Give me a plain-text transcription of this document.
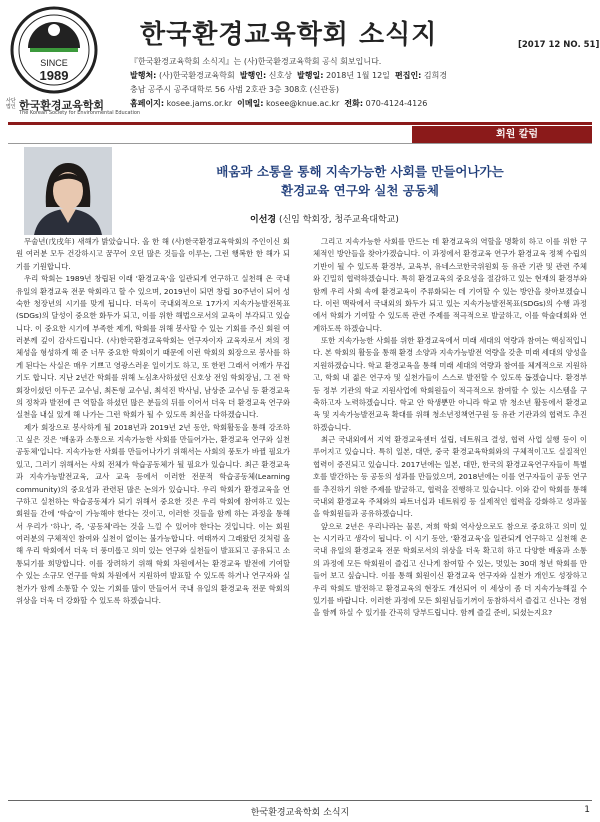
SINCE
1989
사단법인 한국환경교육학회
The Korean Society for Environmental Education
한국환경교육학회 소식지	[2017 12 NO. 51]
『한국환경교육학회 소식지』는 (사)한국환경교육학회 공식 회보입니다.
발행처: (사)한국환경교육학회 발행인: 신호상 발행일: 2018년 1월 12일 편집인: 김희경
충남 공주시 공주대학로 56 사범 2호관 3층 308호 (신관동)
홈페이지: kosee.jams.or.kr 이메일: kosee@knue.ac.kr 전화: 070-4124-4126
회원 칼럼
배움과 소통을 통해 지속가능한 사회를 만들어나가는
환경교육 연구와 실천 공동체
이선경 (신임 학회장, 청주교육대학교)

무술년(戊戌年) 새해가 밝았습니다. 올 한 해 (사)한국환경교육학회의 주인이신 회원 여러분 모두 건강하시고 꿈꾸어 오던 많은 것들을 이루는, 그런 행복한 한 해가 되기를 기원합니다.

우리 학회는 1989년 창립된 이래 '환경교육'을 일관되게 연구하고 실천해 온 국내 유일의 환경교육 전문 학회라고 할 수 있으며, 2019년이 되면 창립 30주년이 되어 성숙한 청장년의 시기를 맞게 됩니다. 더욱이 국내외적으로 17가지 지속가능발전목표(SDGs)의 달성이 중요한 화두가 되고, 이를 위한 해법으로서의 교육이 부각되고 있습니다. 이 중요한 시기에 부족한 제게, 학회를 위해 봉사할 수 있는 기회를 주신 회원 여러분께 깊이 감사드립니다. (사)한국환경교육학회는 연구자이자 교육자로서 저의 정체성을 형성하게 해 준 너무 중요한 학회이기 때문에 이런 학회의 회장으로 봉사를 하게 된다는 사실은 매우 기쁘고 영광스러운 일이기도 하고, 또 한편 그래서 어깨가 무겁기도 합니다. 지난 2년간 학회를 위해 노심초사하셨던 신호상 전임 학회장님, 그 전 학회장이셨던 이두곤 교수님, 최돈형 교수님, 최석진 박사님, 남상준 교수님 등 환경교육의 정착과 발전에 큰 역할을 하셨던 많은 분들의 뒤를 이어서 더욱 더 환경교육 연구와 실천을 내실 있게 해 나가는 그런 학회가 될 수 있도록 최선을 다하겠습니다.

제가 회장으로 봉사하게 될 2018년과 2019년 2년 동안, 학회활동을 통해 강조하고 싶은 것은 '배움과 소통으로 지속가능한 사회를 만들어가는, 환경교육 연구와 실천 공동체'입니다. 지속가능한 사회를 만들어나가기 위해서는 사회의 풍토가 바뀔 필요가 있고, 그러기 위해서는 사회 전체가 학습공동체가 될 필요가 있습니다. 최근 환경교육과 지속가능발전교육, 교사 교육 등에서 이러한 전문적 학습공동체(Learning community)의 중요성과 관련된 많은 논의가 있습니다. 우리 학회가 환경교육을 연구하고 실천하는 학습공동체가 되기 위해서 중요한 것은 우리 학회에 참여하고 있는 회원들 간에 '학습'이 가능해야 한다는 것이고, 이러한 것들을 함께 하는 과정을 통해서 우리가 '하나', 즉, '공동체'라는 것을 느낄 수 있어야 한다는 것입니다. 이는 회원 여러분의 구체적인 참여와 실천이 없이는 불가능합니다. 여태까지 그래왔던 것처럼 올해 우리 학회에서 더욱 더 풍미롭고 의미 있는 연구와 실천들이 발표되고 공유되고 소통되기를 희망합니다. 이를 장려하기 위해 학회 차원에서는 환경교육 발전에 기여할 수 있는 소규모 연구를 학회 차원에서 지원하여 발표할 수 있도록 하거나 연구자와 실천가가 함께 소통할 수 있는 기회를 많이 만들어서 국내 유일의 환경교육 전문 학회의 위상을 더욱 더 강화할 수 있도록 하겠습니다.

그리고 지속가능한 사회를 만드는 데 환경교육의 역할을 명확히 하고 이를 위한 구체적인 방안들을 찾아가겠습니다. 이 과정에서 환경교육 연구가 환경교육 정책 수립의 기반이 될 수 있도록 환경부, 교육부, 유네스코한국위원회 등 유관 기관 및 관련 주체와 긴밀히 협력하겠습니다. 특히 환경교육의 중요성을 절감하고 있는 현재의 환경부와 함께 우리 사회 속에 환경교육이 주류화되는 데 기여할 수 있는 방안을 찾아보겠습니다. 이런 맥락에서 국내외의 화두가 되고 있는 지속가능발전목표(SDGs)의 수행 과정에서 학회가 기여할 수 있도록 관련 주제를 적극적으로 발굴하고, 이를 학술대회와 연계하도록 하겠습니다.

또한 지속가능한 사회를 위한 환경교육에서 미래 세대의 역량과 참여는 핵심적입니다. 본 학회의 활동을 통해 환경 소양과 지속가능발전 역량을 갖춘 미래 세대의 양성을 지원하겠습니다. 학교 환경교육을 통해 미래 세대의 역량과 참여를 체계적으로 지원하고, 학회 내 젊은 연구자 및 실천가들이 스스로 발전할 수 있도록 돕겠습니다. 환경부 등 정부 기관의 학교 지원사업에 학회원들이 적극적으로 참여할 수 있는 시스템을 구축하고자 노력하겠습니다. 학교 안 학생뿐만 아니라 학교 밖 청소년 활동에서 환경교육 및 지속가능발전교육 확대를 위해 청소년정책연구원 등 유관 기관과의 협력도 추진하겠습니다.

최근 국내외에서 지역 환경교육센터 설립, 네트워크 결성, 협력 사업 실행 등이 이루어지고 있습니다. 특히 일본, 대만, 중국 환경교육학회와의 구체적이고도 실질적인 협력이 증진되고 있습니다. 2017년에는 일본, 대만, 한국의 환경교육연구자들이 특별호를 발간하는 등 공동의 성과를 만들었으며, 2018년에는 이를 연구자들이 공동 연구를 추진하기 위한 주제를 발굴하고, 협력을 진행하고 있습니다. 이와 같이 학회를 통해 국내외 환경교육 주체와의 파트너십과 네트워킹 등 실제적인 협력을 강화하고 성과물을 학회원들과 공유하겠습니다.

앞으로 2년은 우리나라는 물론, 저희 학회 역사상으로도 참으로 중요하고 의미 있는 시기라고 생각이 됩니다. 이 시기 동안, '환경교육'을 일관되게 연구하고 실천해 온 국내 유일의 환경교육 전문 학회로서의 위상을 더욱 확고히 하고 다양한 배움과 소통의 과정에 모든 학회원이 즐겁고 신나게 참여할 수 있는, 멋있는 30대 청년 학회를 만들어 보고 싶습니다. 이를 통해 회원이신 환경교육 연구자와 실천가 개인도 성장하고 우리 학회도 발전하고 환경교육의 현장도 개선되어 이 세상이 좀 더 지속가능해질 수 있기를 바랍니다. 이러한 과정에 모든 회원님들기꺼이 동참하셔서 즐겁고 신나는 경험을 함께 하실 수 있기를 간곡히 당부드립니다. 함께 즐길 준비, 되셨는지요?

한국환경교육학회 소식지	1
